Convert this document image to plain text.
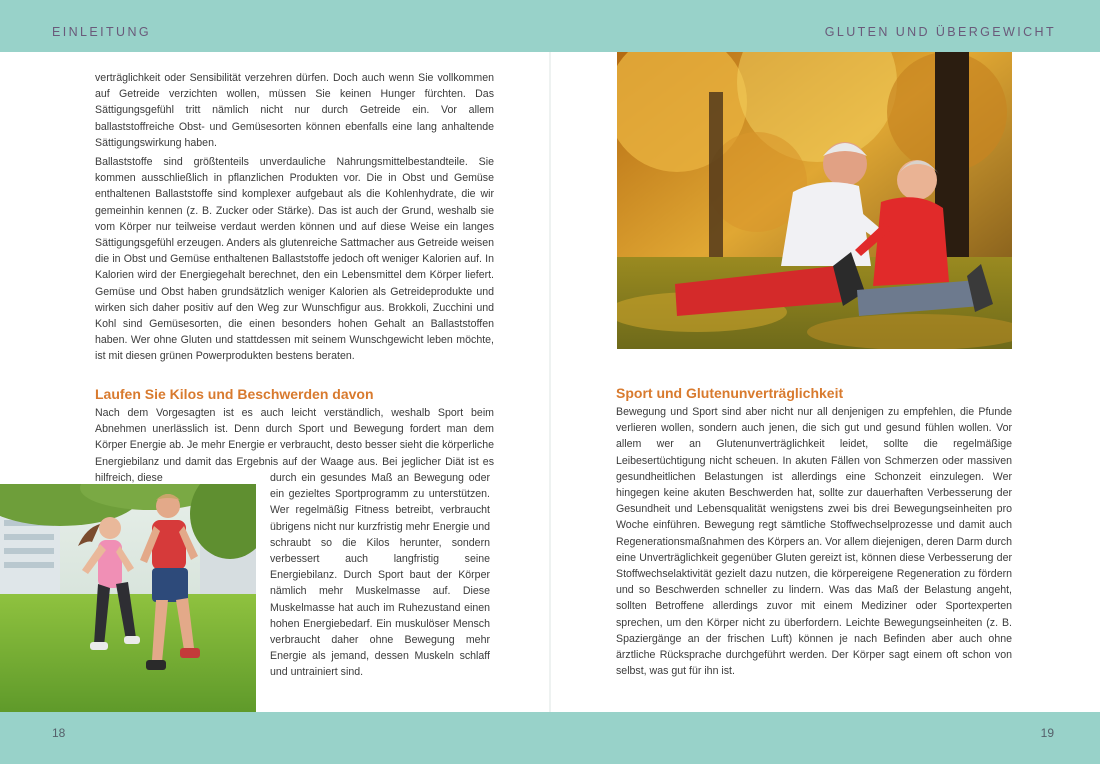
EINLEITUNG	GLUTEN UND ÜBERGEWICHT

verträglichkeit oder Sensibilität verzehren dürfen. Doch auch wenn Sie vollkommen auf Getreide verzichten wollen, müssen Sie keinen Hunger fürchten. Das Sättigungsgefühl tritt nämlich nicht nur durch Getreide ein. Vor allem ballaststoffreiche Obst- und Gemüsesorten können ebenfalls eine lang anhaltende Sättigungswirkung haben.

Ballaststoffe sind größtenteils unverdauliche Nahrungsmittelbestandteile. Sie kommen ausschließlich in pflanzlichen Produkten vor. Die in Obst und Gemüse enthaltenen Ballaststoffe sind komplexer aufgebaut als die Kohlenhydrate, die wir gemeinhin kennen (z. B. Zucker oder Stärke). Das ist auch der Grund, weshalb sie vom Körper nur teilweise verdaut werden können und auf diese Weise ein langes Sättigungsgefühl erzeugen. Anders als glutenreiche Sattmacher aus Getreide weisen die in Obst und Gemüse enthaltenen Ballaststoffe jedoch oft weniger Kalorien auf. In Kalorien wird der Energiegehalt berechnet, den ein Lebensmittel dem Körper liefert. Gemüse und Obst haben grundsätzlich weniger Kalorien als Getreideprodukte und wirken sich daher positiv auf den Weg zur Wunschfigur aus. Brokkoli, Zucchini und Kohl sind Gemüsesorten, die einen besonders hohen Gehalt an Ballaststoffen haben. Wer ohne Gluten und stattdessen mit seinem Wunschgewicht leben möchte, ist mit diesen grünen Powerprodukten bestens beraten.

Laufen Sie Kilos und Beschwerden davon

Nach dem Vorgesagten ist es auch leicht verständlich, weshalb Sport beim Abnehmen unerlässlich ist. Denn durch Sport und Bewegung fordert man dem Körper Energie ab. Je mehr Energie er verbraucht, desto besser sieht die körperliche Energiebilanz und damit das Ergebnis auf der Waage aus. Bei jeglicher Diät ist es hilfreich, diese	durch ein gesundes Maß an Bewegung oder ein gezieltes Sportprogramm zu unterstützen. Wer regelmäßig Fitness betreibt, verbraucht übrigens nicht nur kurzfristig mehr Energie und schraubt so die Kilos herunter, sondern verbessert auch langfristig seine Energiebilanz. Durch Sport baut der Körper nämlich mehr Muskelmasse auf. Diese Muskelmasse hat auch im Ruhezustand einen hohen Energiebedarf. Ein muskulöser Mensch verbraucht daher ohne Bewegung mehr Energie als jemand, dessen Muskeln schlaff und untrainiert sind.

Sport und Glutenunverträglichkeit

Bewegung und Sport sind aber nicht nur all denjenigen zu empfehlen, die Pfunde verlieren wollen, sondern auch jenen, die sich gut und gesund fühlen wollen. Vor allem wer an Glutenunverträglichkeit leidet, sollte die regelmäßige Leibesertüchtigung nicht scheuen. In akuten Fällen von Schmerzen oder massiven gesundheitlichen Belastungen ist allerdings eine Schonzeit einzulegen. Wer hingegen keine akuten Beschwerden hat, sollte zur dauerhaften Verbesserung der Gesundheit und Lebensqualität wenigstens zwei bis drei Bewegungseinheiten pro Woche einführen. Bewegung regt sämtliche Stoffwechselprozesse und damit auch Regenerationsmaßnahmen des Körpers an. Vor allem diejenigen, deren Darm durch eine Unverträglichkeit gegenüber Gluten gereizt ist, können diese Verbesserung der Stoffwechselaktivität gezielt dazu nutzen, die körpereigene Regeneration zu fördern und so Beschwerden schneller zu lindern. Was das Maß der Belastung angeht, sollten Betroffene allerdings zuvor mit einem Mediziner oder Sportexperten sprechen, um den Körper nicht zu überfordern. Leichte Bewegungseinheiten (z. B. Spaziergänge an der frischen Luft) können je nach Befinden aber auch ohne ärztliche Rücksprache durchgeführt werden. Der Körper sagt einem oft schon von selbst, was gut für ihn ist.

18	19
